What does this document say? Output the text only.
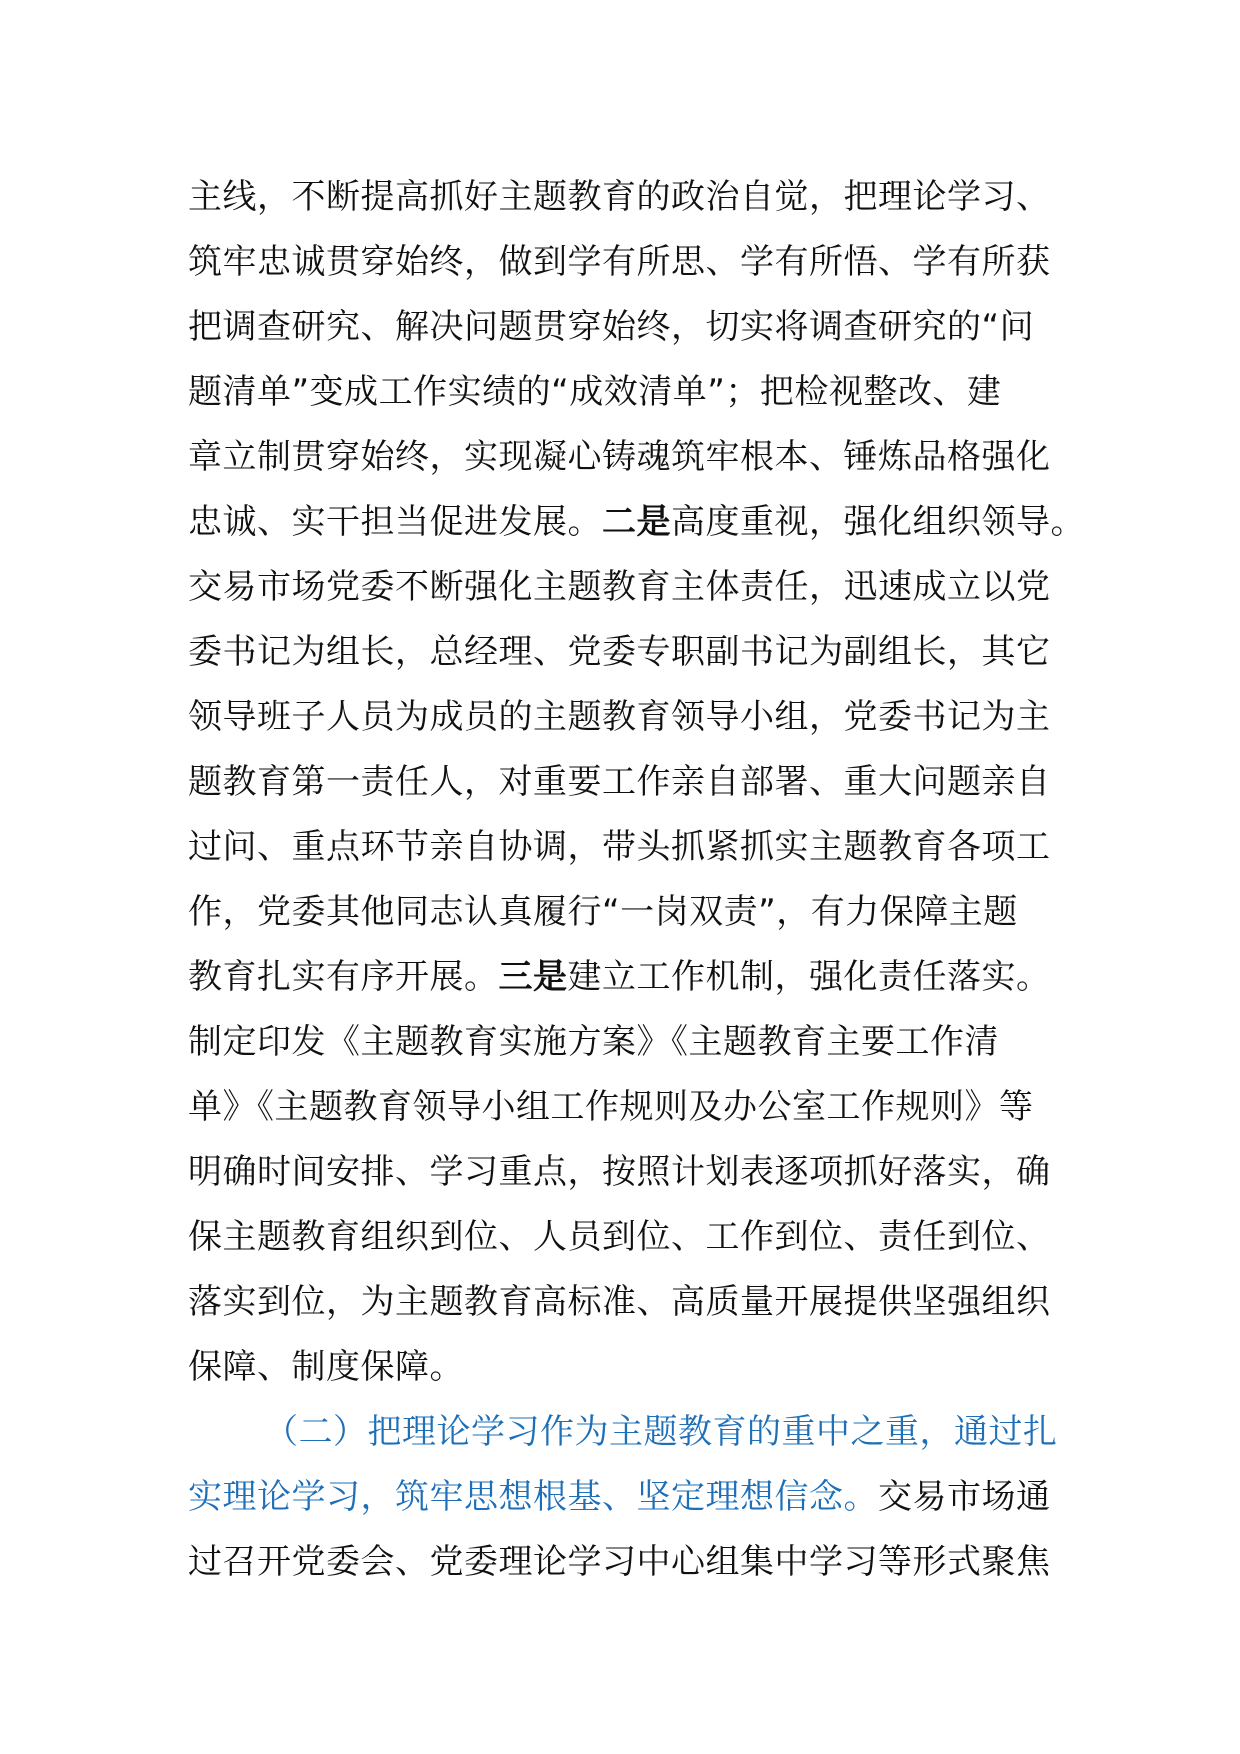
主线，不断提高抓好主题教育的政治自觉，把理论学习、
筑牢忠诚贯穿始终，做到学有所思、学有所悟、学有所获
把调查研究、解决问题贯穿始终，切实将调查研究的“问
题清单”变成工作实绩的“成效清单”；把检视整改、建
章立制贯穿始终，实现凝心铸魂筑牢根本、锤炼品格强化
忠诚、实干担当促进发展。二是高度重视，强化组织领导。
交易市场党委不断强化主题教育主体责任，迅速成立以党
委书记为组长，总经理、党委专职副书记为副组长，其它
领导班子人员为成员的主题教育领导小组，党委书记为主
题教育第一责任人，对重要工作亲自部署、重大问题亲自
过问、重点环节亲自协调，带头抓紧抓实主题教育各项工
作，党委其他同志认真履行“一岗双责”，有力保障主题
教育扎实有序开展。三是建立工作机制，强化责任落实。
制定印发《主题教育实施方案》《主题教育主要工作清
单》《主题教育领导小组工作规则及办公室工作规则》等
明确时间安排、学习重点，按照计划表逐项抓好落实，确
保主题教育组织到位、人员到位、工作到位、责任到位、
落实到位，为主题教育高标准、高质量开展提供坚强组织
保障、制度保障。
（二）把理论学习作为主题教育的重中之重，通过扎
实理论学习，筑牢思想根基、坚定理想信念。交易市场通
过召开党委会、党委理论学习中心组集中学习等形式聚焦
